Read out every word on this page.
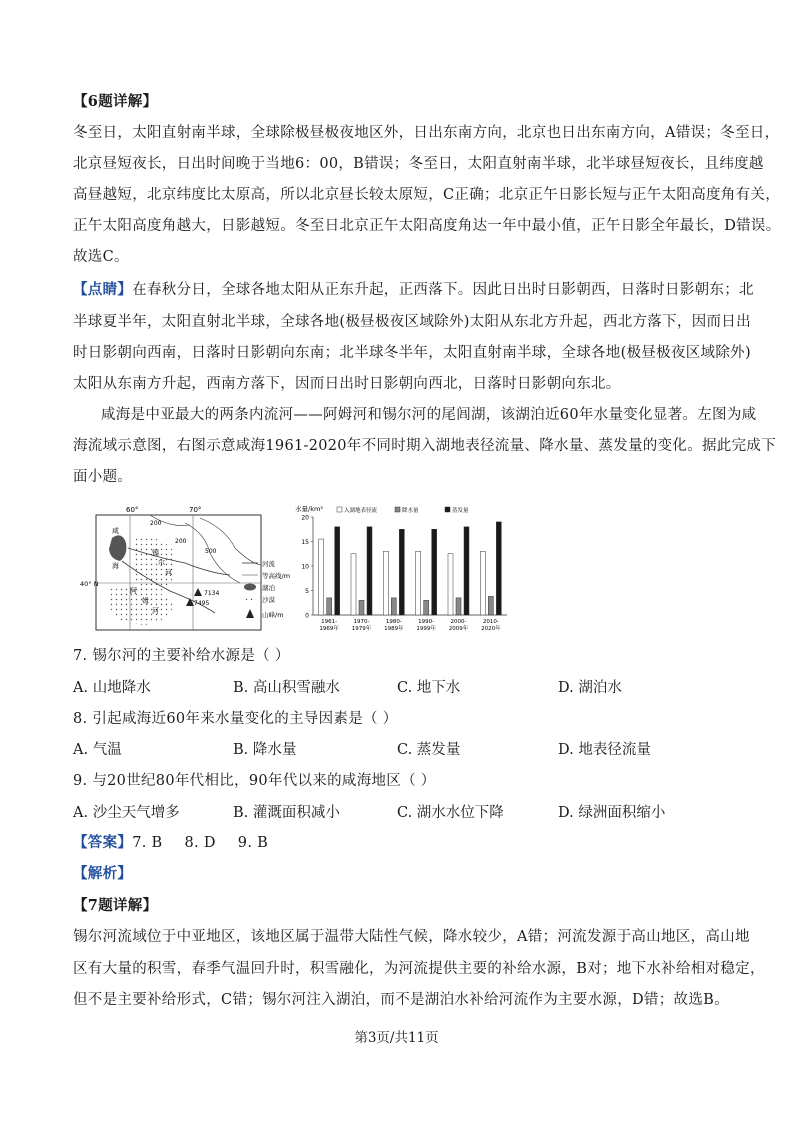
【6题详解】
冬至日，太阳直射南半球，全球除极昼极夜地区外，日出东南方向，北京也日出东南方向，A错误；冬至日，
北京昼短夜长，日出时间晚于当地6：00，B错误；冬至日，太阳直射南半球，北半球昼短夜长，且纬度越
高昼越短，北京纬度比太原高，所以北京昼长较太原短，C正确；北京正午日影长短与正午太阳高度角有关，
正午太阳高度角越大，日影越短。冬至日北京正午太阳高度角达一年中最小值，正午日影全年最长，D错误。
故选C。
【点睛】在春秋分日，全球各地太阳从正东升起，正西落下。因此日出时日影朝西，日落时日影朝东；北
半球夏半年，太阳直射北半球，全球各地(极昼极夜区域除外)太阳从东北方升起，西北方落下，因而日出
时日影朝向西南，日落时日影朝向东南；北半球冬半年，太阳直射南半球，全球各地(极昼极夜区域除外)
太阳从东南方升起，西南方落下，因而日出时日影朝向西北，日落时日影朝向东北。
咸海是中亚最大的两条内流河——阿姆河和锡尔河的尾闾湖，该湖泊近60年水量变化显著。左图为咸
海流域示意图，右图示意咸海1961-2020年不同时期入湖地表径流量、降水量、蒸发量的变化。据此完成下
面小题。
60°	70°
40° N
200
500
200
7134
7495
咸
海
锡
尔
河
阿
姆
河
河流
等高线/m
湖泊
沙漠
山峰/m
水量/km³	入湖地表径流	降水量	蒸发量
0
5
10
15
20
1961-
1969年
1970-
1979年
1980-
1989年
1990-
1999年
2000-
2009年
2010-
2020年
7. 锡尔河的主要补给水源是（ ）
A. 山地降水	B. 高山积雪融水	C. 地下水	D. 湖泊水
8. 引起咸海近60年来水量变化的主导因素是（ ）
A. 气温	B. 降水量	C. 蒸发量	D. 地表径流量
9. 与20世纪80年代相比，90年代以来的咸海地区（ ）
A. 沙尘天气增多	B. 灌溉面积减小	C. 湖水水位下降	D. 绿洲面积缩小
【答案】7. B 8. D 9. B
【解析】
【7题详解】
锡尔河流域位于中亚地区，该地区属于温带大陆性气候，降水较少，A错；河流发源于高山地区，高山地
区有大量的积雪，春季气温回升时，积雪融化，为河流提供主要的补给水源，B对；地下水补给相对稳定，
但不是主要补给形式，C错；锡尔河注入湖泊，而不是湖泊水补给河流作为主要水源，D错；故选B。
第3页/共11页
